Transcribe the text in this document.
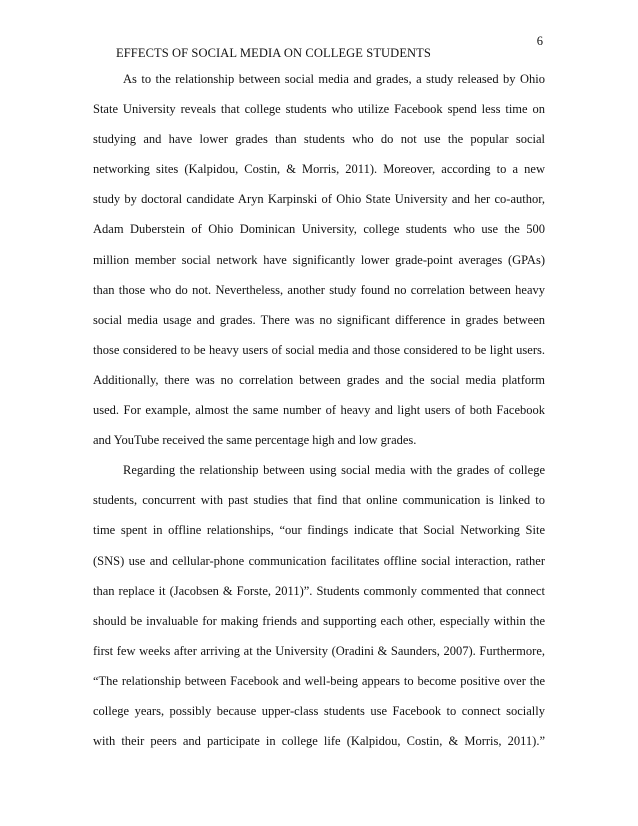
6
EFFECTS OF SOCIAL MEDIA ON COLLEGE STUDENTS
As to the relationship between social media and grades, a study released by Ohio
State University reveals that college students who utilize Facebook spend less time on
studying and have lower grades than students who do not use the popular social
networking sites (Kalpidou, Costin, & Morris, 2011). Moreover, according to a new
study by doctoral candidate Aryn Karpinski of Ohio State University and her co-author,
Adam Duberstein of Ohio Dominican University, college students who use the 500
million member social network have significantly lower grade-point averages (GPAs)
than those who do not. Nevertheless, another study found no correlation between heavy
social media usage and grades. There was no significant difference in grades between
those considered to be heavy users of social media and those considered to be light users.
Additionally, there was no correlation between grades and the social media platform
used. For example, almost the same number of heavy and light users of both Facebook
and YouTube received the same percentage high and low grades.
Regarding the relationship between using social media with the grades of college
students, concurrent with past studies that find that online communication is linked to
time spent in offline relationships, “our findings indicate that Social Networking Site
(SNS) use and cellular-phone communication facilitates offline social interaction, rather
than replace it (Jacobsen & Forste, 2011)”. Students commonly commented that connect
should be invaluable for making friends and supporting each other, especially within the
first few weeks after arriving at the University (Oradini & Saunders, 2007). Furthermore,
“The relationship between Facebook and well-being appears to become positive over the
college years, possibly because upper-class students use Facebook to connect socially
with their peers and participate in college life (Kalpidou, Costin, & Morris, 2011).”
